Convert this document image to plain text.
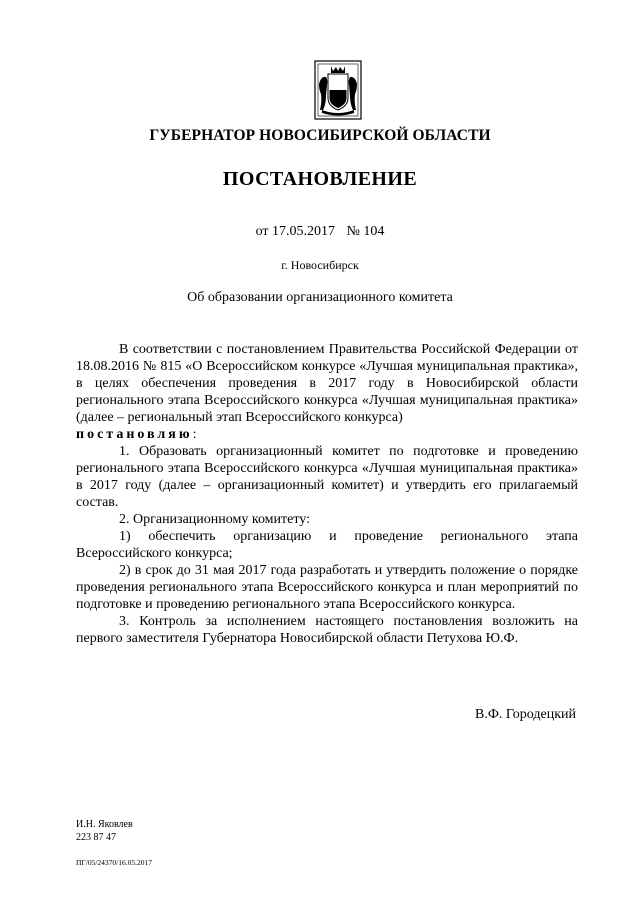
ГУБЕРНАТОР НОВОСИБИРСКОЙ ОБЛАСТИ
ПОСТАНОВЛЕНИЕ
от 17.05.2017 № 104
г. Новосибирск
Об образовании организационного комитета

В соответствии с постановлением Правительства Российской Федерации от 18.08.2016 № 815 «О Всероссийском конкурсе «Лучшая муниципальная практика», в целях обеспечения проведения в 2017 году в Новосибирской области регионального этапа Всероссийского конкурса «Лучшая муниципальная практика» (далее – региональный этап Всероссийского конкурса)

постановляю:

1. Образовать организационный комитет по подготовке и проведению регионального этапа Всероссийского конкурса «Лучшая муниципальная практика» в 2017 году (далее – организационный комитет) и утвердить его прилагаемый состав.

2. Организационному комитету:

1) обеспечить организацию и проведение регионального этапа Всероссийского конкурса;

2) в срок до 31 мая 2017 года разработать и утвердить положение о порядке проведения регионального этапа Всероссийского конкурса и план мероприятий по подготовке и проведению регионального этапа Всероссийского конкурса.

3. Контроль за исполнением настоящего постановления возложить на первого заместителя Губернатора Новосибирской области Петухова Ю.Ф.

В.Ф. Городецкий
И.Н. Яковлев
223 87 47
ПГ/05/24370/16.05.2017
